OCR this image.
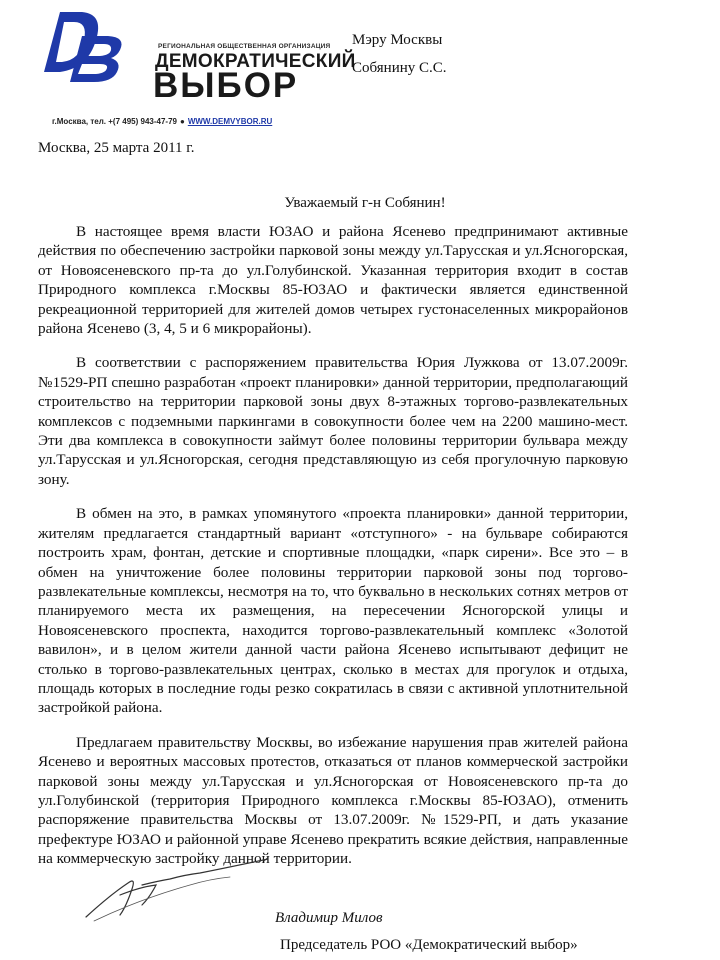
РЕГИОНАЛЬНАЯ ОБЩЕСТВЕННАЯ ОРГАНИЗАЦИЯ
ДЕМОКРАТИЧЕСКИЙ
ВЫБОР
г.Москва, тел. +(7 495) 943-47-79 ● WWW.DEMVYBOR.RU
Мэру Москвы
Собянину С.С.
Москва, 25 марта 2011 г.
Уважаемый г-н Собянин!

В настоящее время власти ЮЗАО и района Ясенево предпринимают активные действия по обеспечению застройки парковой зоны между ул.Тарусская и ул.Ясногорская, от Новоясеневского пр-та до ул.Голубинской. Указанная территория входит в состав Природного комплекса г.Москвы 85-ЮЗАО и фактически является единственной рекреационной территорией для жителей домов четырех густонаселенных микрорайонов района Ясенево (3, 4, 5 и 6 микрорайоны).

В соответствии с распоряжением правительства Юрия Лужкова от 13.07.2009г. №1529-РП спешно разработан «проект планировки» данной территории, предполагающий строительство на территории парковой зоны двух 8-этажных торгово-развлекательных комплексов с подземными паркингами в совокупности более чем на 2200 машино-мест. Эти два комплекса в совокупности займут более половины территории бульвара между ул.Тарусская и ул.Ясногорская, сегодня представляющую из себя прогулочную парковую зону.

В обмен на это, в рамках упомянутого «проекта планировки» данной территории, жителям предлагается стандартный вариант «отступного» - на бульваре собираются построить храм, фонтан, детские и спортивные площадки, «парк сирени». Все это – в обмен на уничтожение более половины территории парковой зоны под торгово-развлекательные комплексы, несмотря на то, что буквально в нескольких сотнях метров от планируемого места их размещения, на пересечении Ясногорской улицы и Новоясеневского проспекта, находится торгово-развлекательный комплекс «Золотой вавилон», и в целом жители данной части района Ясенево испытывают дефицит не столько в торгово-развлекательных центрах, сколько в местах для прогулок и отдыха, площадь которых в последние годы резко сократилась в связи с активной уплотнительной застройкой района.

Предлагаем правительству Москвы, во избежание нарушения прав жителей района Ясенево и вероятных массовых протестов, отказаться от планов коммерческой застройки парковой зоны между ул.Тарусская и ул.Ясногорская от Новоясеневского пр-та до ул.Голубинской (территория Природного комплекса г.Москвы 85-ЮЗАО), отменить распоряжение правительства Москвы от 13.07.2009г. №1529-РП, и дать указание префектуре ЮЗАО и районной управе Ясенево прекратить всякие действия, направленные на коммерческую застройку данной территории.

Владимир Милов
Председатель РОО «Демократический выбор»
